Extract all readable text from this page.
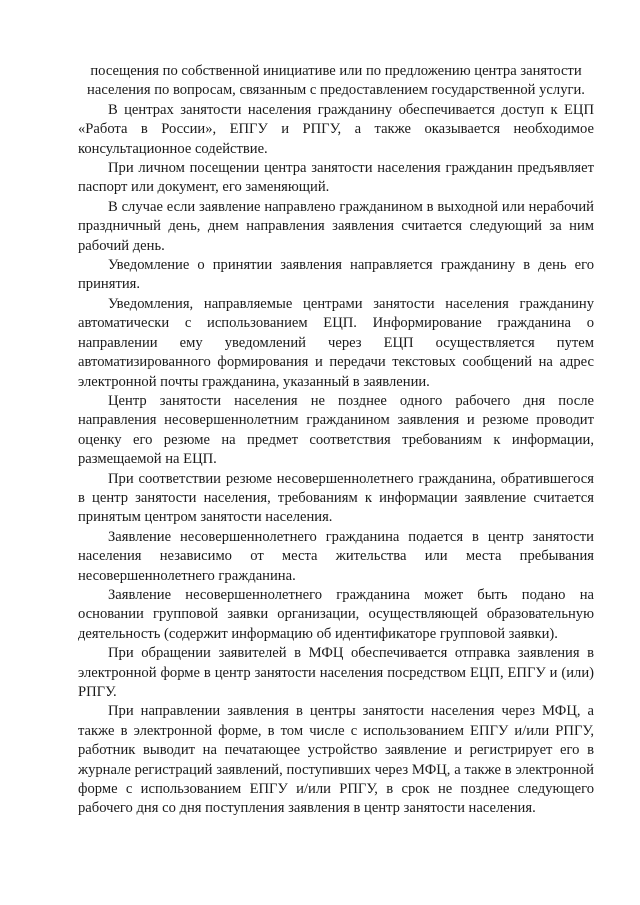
посещения по собственной инициативе или по предложению центра занятости населения по вопросам, связанным с предоставлением государственной услуги.

В центрах занятости населения гражданину обеспечивается доступ к ЕЦП «Работа в России», ЕПГУ и РПГУ, а также оказывается необходимое консультационное содействие.

При личном посещении центра занятости населения гражданин предъявляет паспорт или документ, его заменяющий.

В случае если заявление направлено гражданином в выходной или нерабочий праздничный день, днем направления заявления считается следующий за ним рабочий день.

Уведомление о принятии заявления направляется гражданину в день его принятия.

Уведомления, направляемые центрами занятости населения гражданину автоматически с использованием ЕЦП. Информирование гражданина о направлении ему уведомлений через ЕЦП осуществляется путем автоматизированного формирования и передачи текстовых сообщений на адрес электронной почты гражданина, указанный в заявлении.

Центр занятости населения не позднее одного рабочего дня после направления несовершеннолетним гражданином заявления и резюме проводит оценку его резюме на предмет соответствия требованиям к информации, размещаемой на ЕЦП.

При соответствии резюме несовершеннолетнего гражданина, обратившегося в центр занятости населения, требованиям к информации заявление считается принятым центром занятости населения.

Заявление несовершеннолетнего гражданина подается в центр занятости населения независимо от места жительства или места пребывания несовершеннолетнего гражданина.

Заявление несовершеннолетнего гражданина может быть подано на основании групповой заявки организации, осуществляющей образовательную деятельность (содержит информацию об идентификаторе групповой заявки).

При обращении заявителей в МФЦ обеспечивается отправка заявления в электронной форме в центр занятости населения посредством ЕЦП, ЕПГУ и (или) РПГУ.

При направлении заявления в центры занятости населения через МФЦ, а также в электронной форме, в том числе с использованием ЕПГУ и/или РПГУ, работник выводит на печатающее устройство заявление и регистрирует его в журнале регистраций заявлений, поступивших через МФЦ, а также в электронной форме с использованием ЕПГУ и/или РПГУ, в срок не позднее следующего рабочего дня со дня поступления заявления в центр занятости населения.
